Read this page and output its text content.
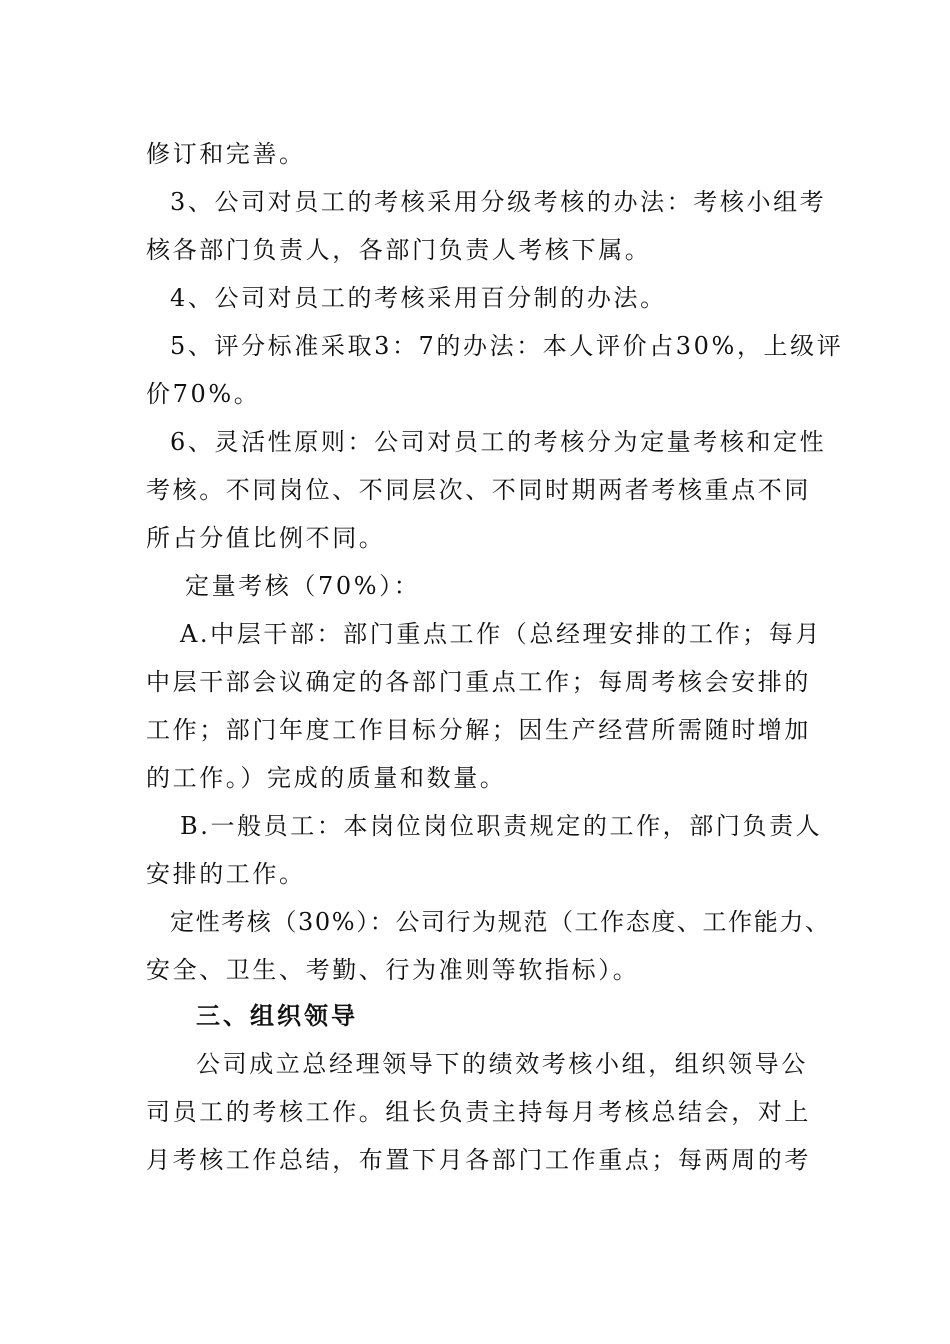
修订和完善。
3、公司对员工的考核采用分级考核的办法：考核小组考
核各部门负责人，各部门负责人考核下属。
4、公司对员工的考核采用百分制的办法。
5、评分标准采取3：7的办法：本人评价占30%，上级评
价70%。
6、灵活性原则：公司对员工的考核分为定量考核和定性
考核。不同岗位、不同层次、不同时期两者考核重点不同
所占分值比例不同。
定量考核（70%）：
A.中层干部：部门重点工作（总经理安排的工作；每月
中层干部会议确定的各部门重点工作；每周考核会安排的
工作；部门年度工作目标分解；因生产经营所需随时增加
的工作。）完成的质量和数量。
B.一般员工：本岗位岗位职责规定的工作，部门负责人
安排的工作。
定性考核（30%）：公司行为规范（工作态度、工作能力、
安全、卫生、考勤、行为准则等软指标）。
三、组织领导
公司成立总经理领导下的绩效考核小组，组织领导公
司员工的考核工作。组长负责主持每月考核总结会，对上
月考核工作总结，布置下月各部门工作重点；每两周的考
